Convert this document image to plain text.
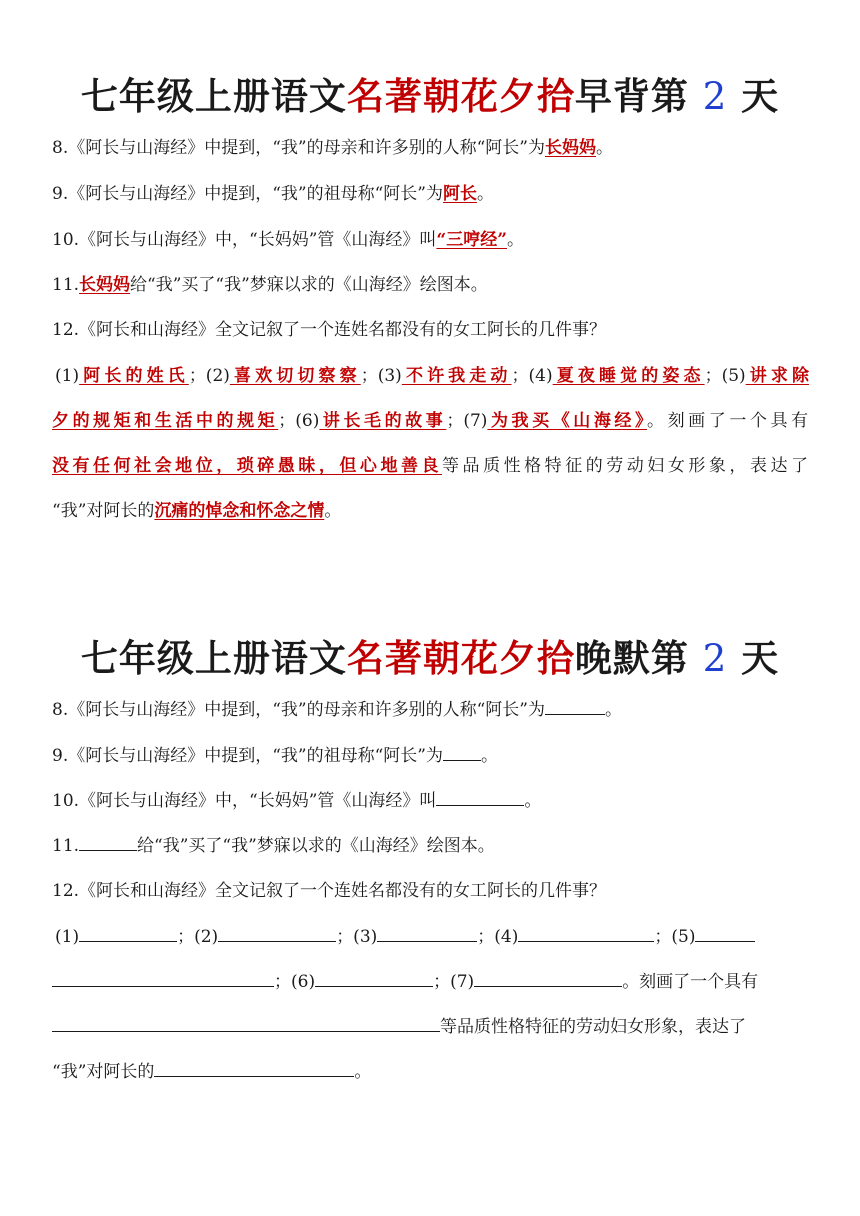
七年级上册语文名著朝花夕拾早背第 2 天
8.《阿长与山海经》中提到，“我”的母亲和许多别的人称“阿长”为长妈妈。
9.《阿长与山海经》中提到，“我”的祖母称“阿长”为阿长。
10.《阿长与山海经》中，“长妈妈”管《山海经》叫“三哼经”。
11.长妈妈给“我”买了“我”梦寐以求的《山海经》绘图本。
12.《阿长和山海经》全文记叙了一个连姓名都没有的女工阿长的几件事？
(1)阿长的姓氏；(2)喜欢切切察察；(3)不许我走动；(4)夏夜睡觉的姿态；(5)讲求除
夕的规矩和生活中的规矩；(6)讲长毛的故事；(7)为我买《山海经》。刻画了一个具有
没有任何社会地位，琐碎愚昧，但心地善良等品质性格特征的劳动妇女形象，表达了
“我”对阿长的沉痛的悼念和怀念之情。
七年级上册语文名著朝花夕拾晚默第 2 天
8.《阿长与山海经》中提到，“我”的母亲和许多别的人称“阿长”为	。
9.《阿长与山海经》中提到，“我”的祖母称“阿长”为 。
10.《阿长与山海经》中，“长妈妈”管《山海经》叫	。
11.	给“我”买了“我”梦寐以求的《山海经》绘图本。
12.《阿长和山海经》全文记叙了一个连姓名都没有的女工阿长的几件事？
(1)	；(2)	；(3)	；(4)	；(5)
；(6)	；(7)	。刻画了一个具有
等品质性格特征的劳动妇女形象，表达了
“我”对阿长的	。
